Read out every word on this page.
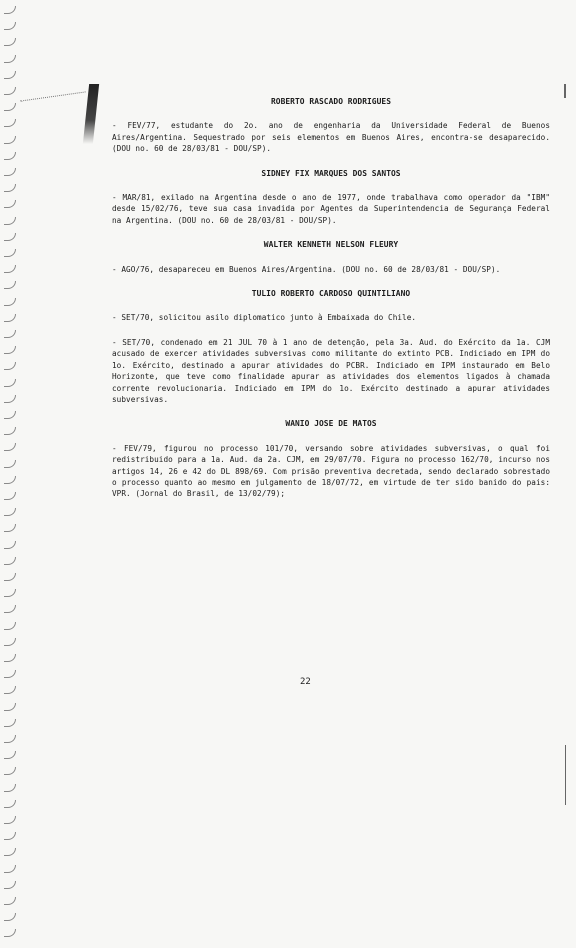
ROBERTO RASCADO RODRIGUES
- FEV/77, estudante do 2o. ano de engenharia da Universidade Federal de Buenos Aires/Argentina. Sequestrado por seis elementos em Buenos Aires, encontra-se desaparecido. (DOU no. 60 de 28/03/81 - DOU/SP).
SIDNEY FIX MARQUES DOS SANTOS
- MAR/81, exilado na Argentina desde o ano de 1977, onde trabalhava como operador da "IBM" desde 15/02/76, teve sua casa invadida por Agentes da Superintendencia de Segurança Federal na Argentina. (DOU no. 60 de 28/03/81 - DOU/SP).
WALTER KENNETH NELSON FLEURY
- AGO/76, desapareceu em Buenos Aires/Argentina. (DOU no. 60 de 28/03/81 - DOU/SP).
TULIO ROBERTO CARDOSO QUINTILIANO
- SET/70, solicitou asilo diplomatico junto à Embaixada do Chile.
- SET/70, condenado em 21 JUL 70 à 1 ano de detenção, pela 3a. Aud. do Exército da 1a. CJM acusado de exercer atividades subversivas como militante do extinto PCB. Indiciado em IPM do 1o. Exército, destinado a apurar atividades do PCBR. Indiciado em IPM instaurado em Belo Horizonte, que teve como finalidade apurar as atividades dos elementos ligados à chamada corrente revolucionaria. Indiciado em IPM do 1o. Exército destinado a apurar atividades subversivas.
WANIO JOSE DE MATOS
- FEV/79, figurou no processo 101/70, versando sobre atividades subversivas, o qual foi redistribuido para a 1a. Aud. da 2a. CJM, em 29/07/70. Figura no processo 162/70, incurso nos artigos 14, 26 e 42 do DL 898/69. Com prisão preventiva decretada, sendo declarado sobrestado o processo quanto ao mesmo em julgamento de 18/07/72, em virtude de ter sido banido do pais: VPR. (Jornal do Brasil, de 13/02/79);
22
